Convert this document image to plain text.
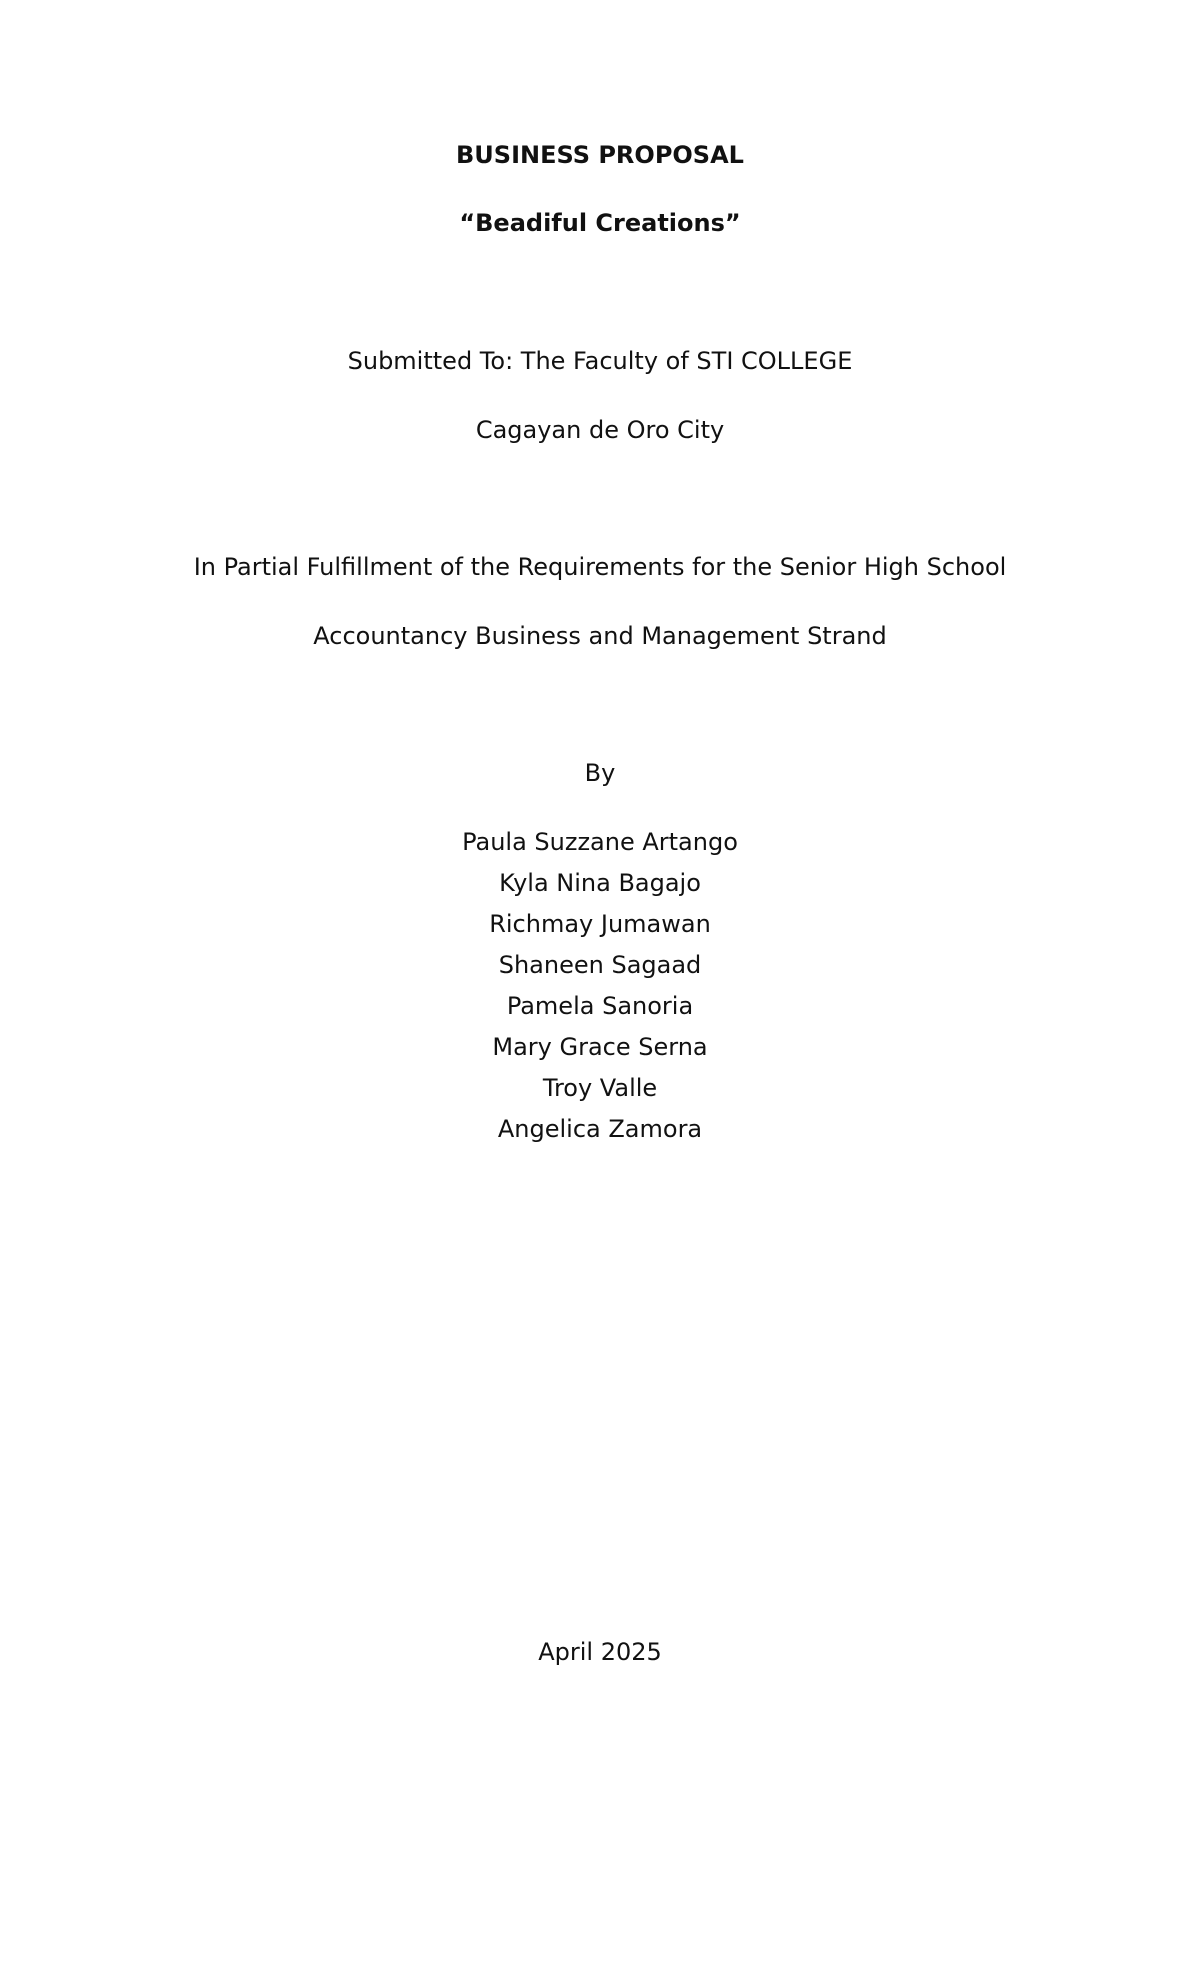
BUSINESS PROPOSAL
“Beadiful Creations”
Submitted To: The Faculty of STI COLLEGE
Cagayan de Oro City
In Partial Fulfillment of the Requirements for the Senior High School
Accountancy Business and Management Strand
By
Paula Suzzane Artango
Kyla Nina Bagajo
Richmay Jumawan
Shaneen Sagaad
Pamela Sanoria
Mary Grace Serna
Troy Valle
Angelica Zamora
April 2025
